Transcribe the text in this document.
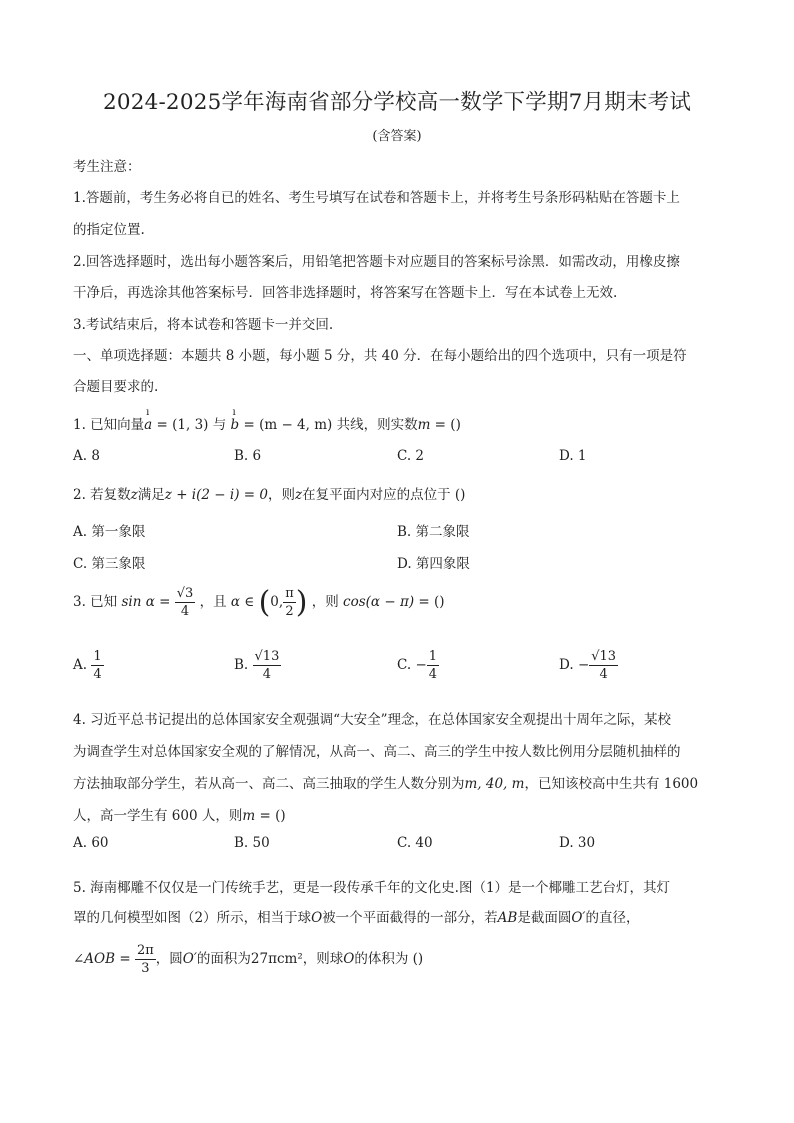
2024-2025学年海南省部分学校高一数学下学期7月期末考试
(含答案)
考生注意：
1.答题前，考生务必将自已的姓名、考生号填写在试卷和答题卡上，并将考生号条形码粘贴在答题卡上
的指定位置.
2.回答选择题时，选出每小题答案后，用铅笔把答题卡对应题目的答案标号涂黑．如需改动，用橡皮擦
干净后，再选涂其他答案标号．回答非选择题时，将答案写在答题卡上．写在本试卷上无效.
3.考试结束后，将本试卷和答题卡一并交回.
一、单项选择题：本题共 8 小题，每小题 5 分，共 40 分．在每小题给出的四个选项中，只有一项是符
合题目要求的.
1. 已知向量ı a = (1, 3) 与 ı b = (m − 4, m) 共线，则实数m = ()
A. 8	B. 6	C. 2	D. 1
2. 若复数z满足z + i(2 − i) = 0，则z在复平面内对应的点位于 ()
A. 第一象限	B. 第二象限
C. 第三象限	D. 第四象限
3. 已知 $\sin \alpha = \frac{√3}{4}$ ，且 α ∈ (0, $\frac{\pi}{2}$ ) ，则 cos(α − π) = ()
A. $\frac{1}{4}$	B. $\frac{√13}{4}$	C. − $\frac{1}{4}$	D. − $\frac{√13}{4}$
4. 习近平总书记提出的总体国家安全观强调“大安全”理念，在总体国家安全观提出十周年之际，某校
为调查学生对总体国家安全观的了解情况，从高一、高二、高三的学生中按人数比例用分层随机抽样的
方法抽取部分学生，若从高一、高二、高三抽取的学生人数分别为m, 40, m，已知该校高中生共有 1600
人，高一学生有 600 人，则m = ()
A. 60	B. 50	C. 40	D. 30
5. 海南椰雕不仅仅是一门传统手艺，更是一段传承千年的文化史.图（1）是一个椰雕工艺台灯，其灯
罩的几何模型如图（2）所示，相当于球O被一个平面截得的一部分，若AB是截面圆O′的直径，
∠AOB = $\frac{2\pi}{3}$ ，圆O′的面积为27πcm²，则球O的体积为 ()
